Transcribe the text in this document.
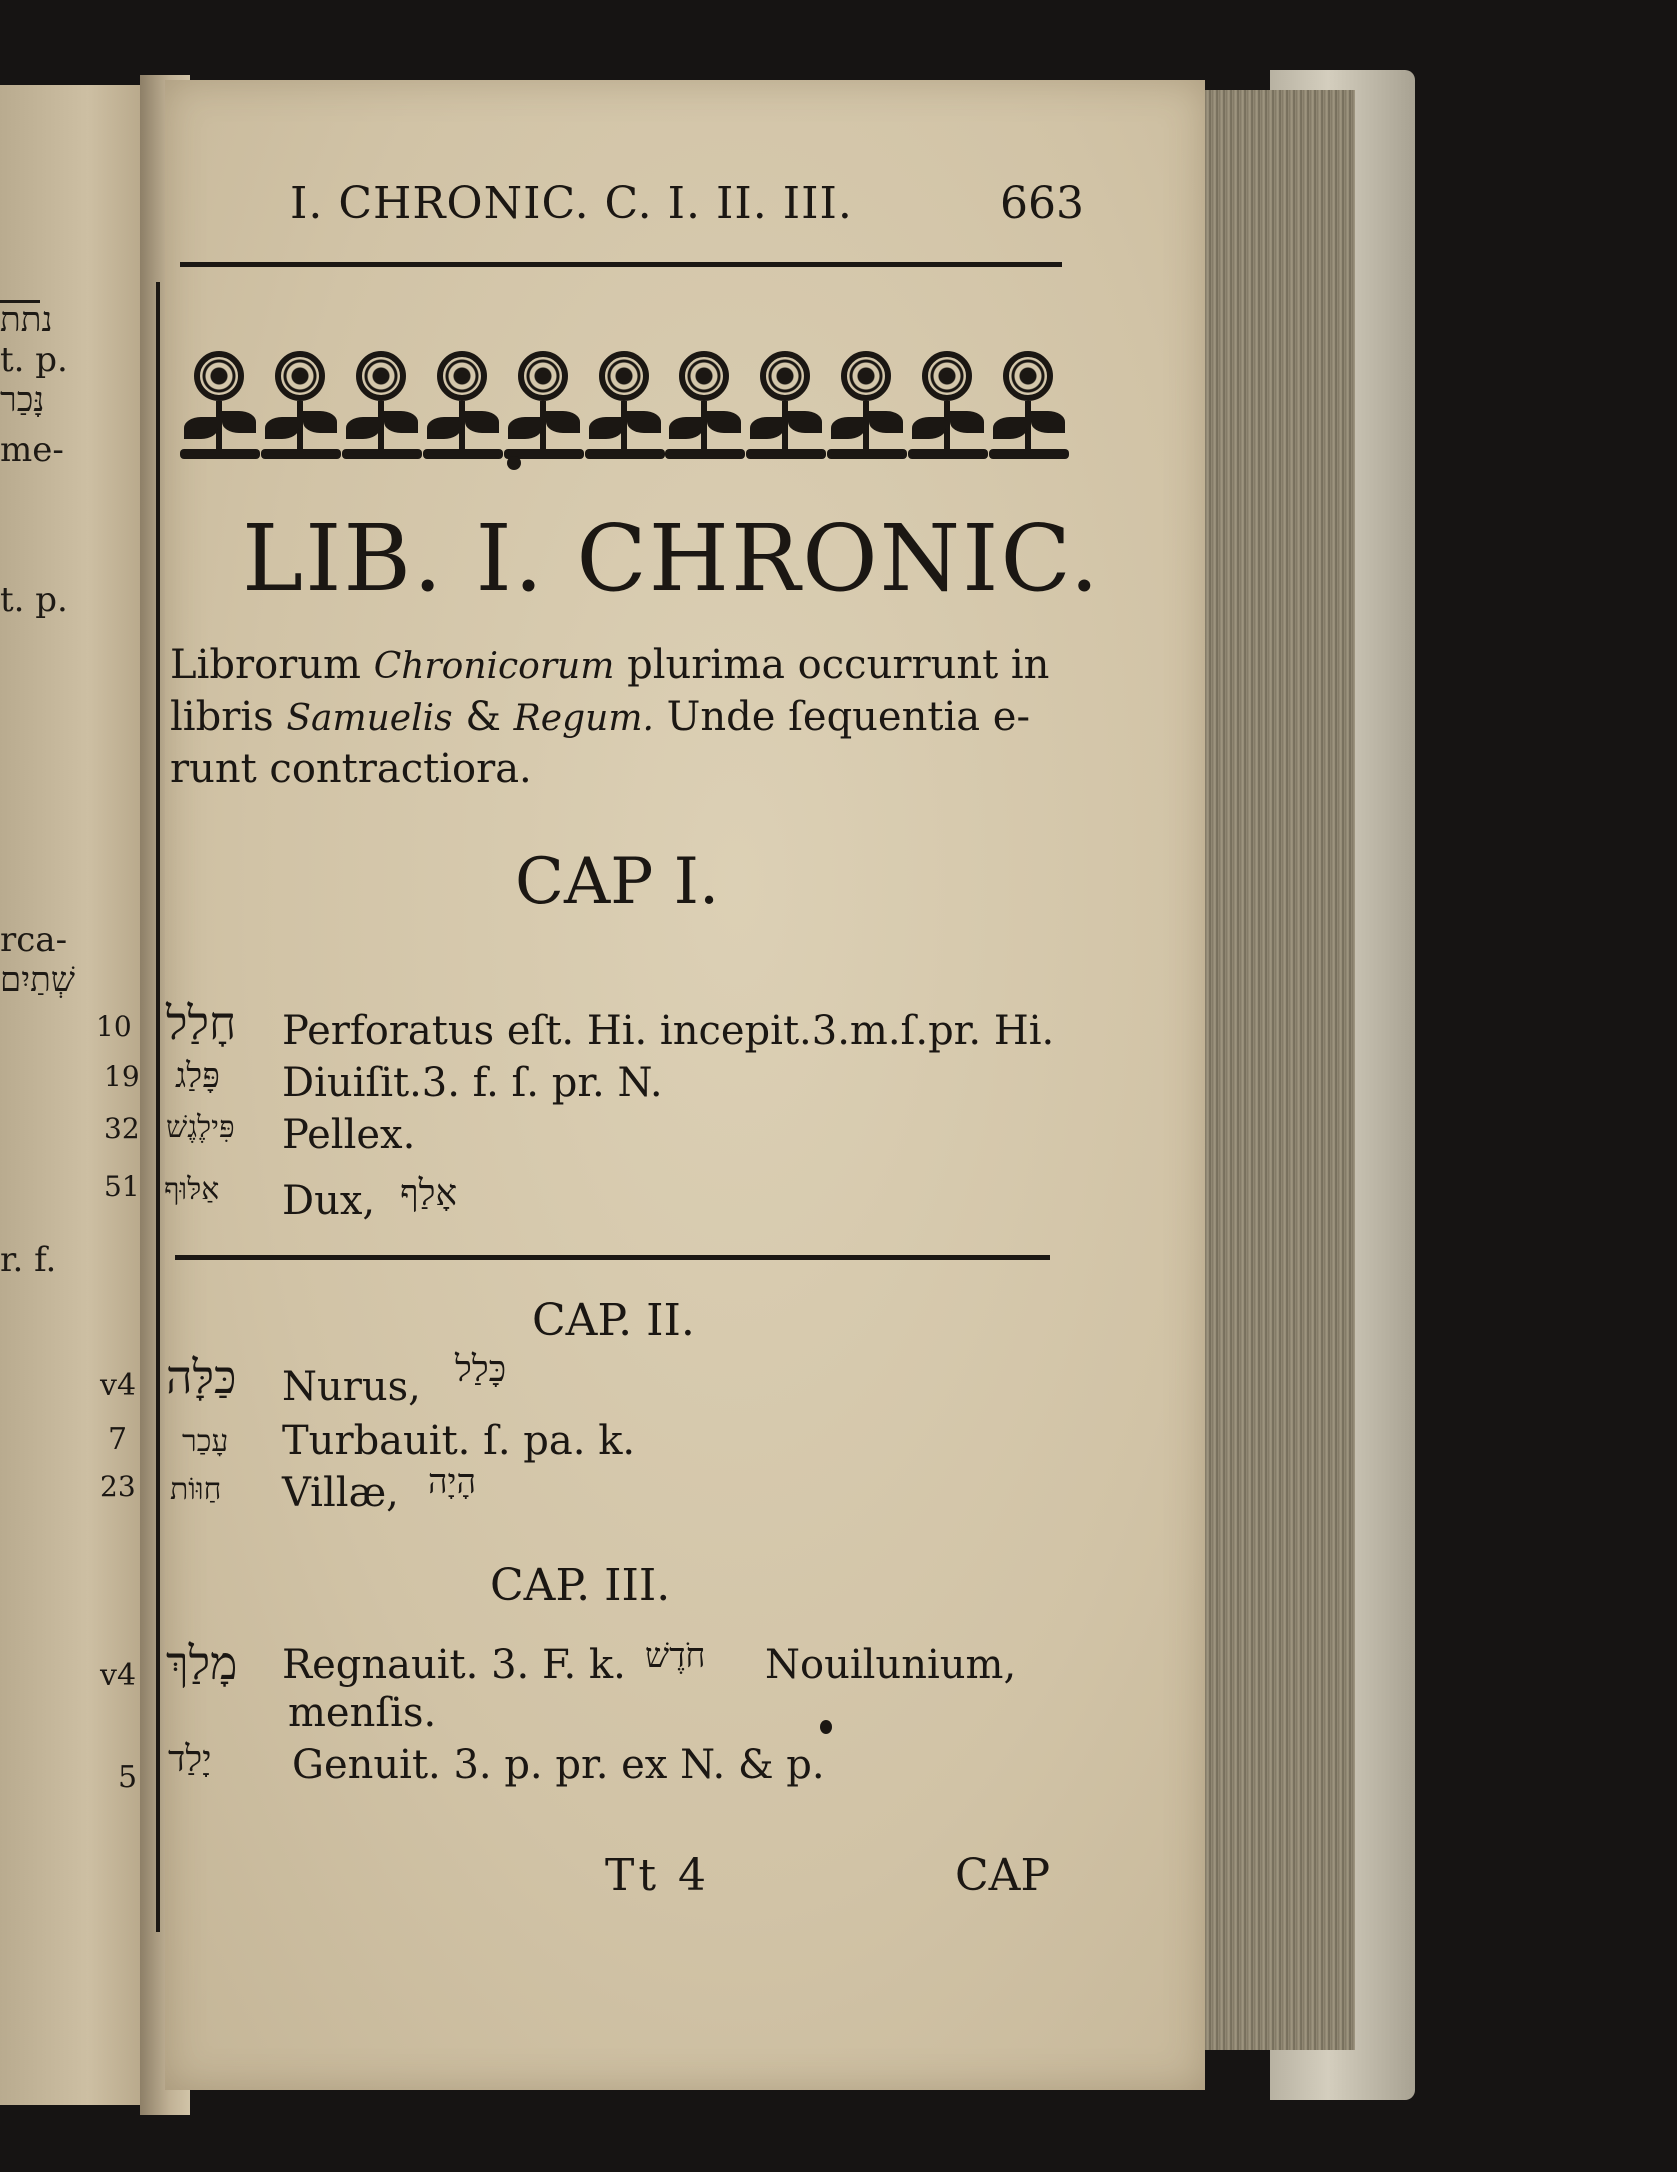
נתת
t. p.
נָּכַר
me-
t. p.
rca-
שְׁתַיִם
r. f.
I. CHRONIC. C. I. II. III.	663
LIB. I. CHRONIC.
Librorum Chronicorum plurima occurrunt in
libris Samuelis & Regum. Unde ſequentia e-
runt contractiora.
CAP I.
10 חָלַל Perforatus eſt. Hi. incepit.3.m.ſ.pr. Hi.
19 פָּלַג Diuiſit.3. f. ſ. pr. N.
32 פִּילֶגֶשׁ Pellex.
51 אַלּוּף Dux, אָלַף
CAP. II.
v4 כַּלָּה Nurus, כָּלַל
7 עָכַר Turbauit. ſ. pa. k.
23 חַוּוֹת Villæ, הָיָה
CAP. III.
v4 מָלַךְ Regnauit. 3. F. k. חֹדֶשׁ Nouilunium,
menſis.
5 יָלַד Genuit. 3. p. pr. ex N. & p.
Tt 4	CAP
